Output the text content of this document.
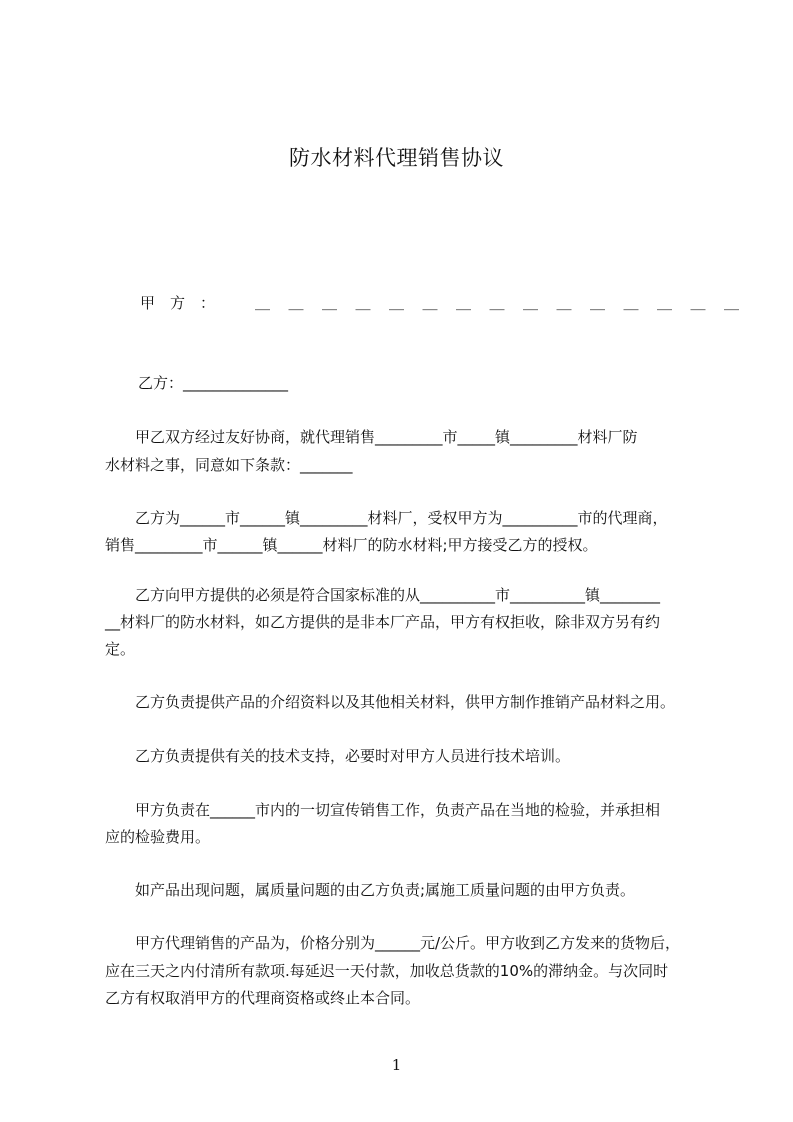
防水材料代理销售协议
甲　方　：	＿＿＿＿＿＿＿＿＿＿＿＿＿＿＿
乙方：______________
　　甲乙双方经过友好协商，就代理销售_________市_____镇_________材料厂防
水材料之事，同意如下条款：_______
　　乙方为______市______镇_________材料厂，受权甲方为__________市的代理商，
销售_________市______镇______材料厂的防水材料;甲方接受乙方的授权。
　　乙方向甲方提供的必须是符合国家标准的从__________市__________镇________
__材料厂的防水材料，如乙方提供的是非本厂产品，甲方有权拒收，除非双方另有约
定。
　乙方负责提供产品的介绍资料以及其他相关材料，供甲方制作推销产品材料之用。
　乙方负责提供有关的技术支持，必要时对甲方人员进行技术培训。
　　甲方负责在______市内的一切宣传销售工作，负责产品在当地的检验，并承担相
应的检验费用。
　如产品出现问题，属质量问题的由乙方负责;属施工质量问题的由甲方负责。
　　甲方代理销售的产品为，价格分别为______元/公斤。甲方收到乙方发来的货物后，
应在三天之内付清所有款项.每延迟一天付款，加收总货款的10%的滞纳金。与次同时
乙方有权取消甲方的代理商资格或终止本合同。
1
